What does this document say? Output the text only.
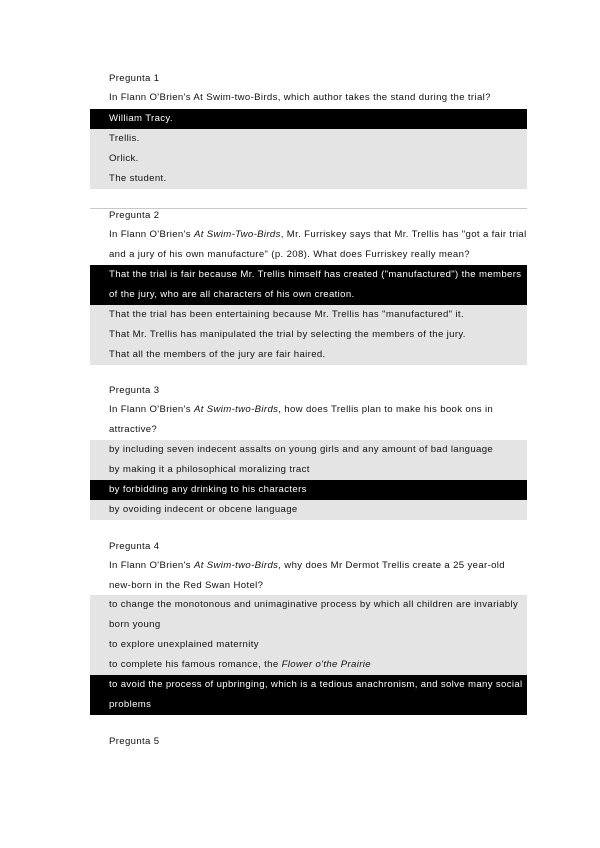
Pregunta 1
In Flann O'Brien's At Swim-two-Birds, which author takes the stand during the trial?
William Tracy.
Trellis.
Orlick.
The student.
Pregunta 2
In Flann O'Brien's At Swim-Two-Birds, Mr. Furriskey says that Mr. Trellis has "got a fair trial and a jury of his own manufacture" (p. 208). What does Furriskey really mean?
That the trial is fair because Mr. Trellis himself has created ("manufactured") the members of the jury, who are all characters of his own creation.
That the trial has been entertaining because Mr. Trellis has "manufactured" it.
That Mr. Trellis has manipulated the trial by selecting the members of the jury.
That all the members of the jury are fair haired.
Pregunta 3
In Flann O'Brien's At Swim-two-Birds, how does Trellis plan to make his book ons in attractive?
by including seven indecent assalts on young girls and any amount of bad language
by making it a philosophical moralizing tract
by forbidding any drinking to his characters
by ovoiding indecent or obcene language
Pregunta 4
In Flann O'Brien's At Swim-two-Birds, why does Mr Dermot Trellis create a 25 year-old new-born in the Red Swan Hotel?
to change the monotonous and unimaginative process by which all children are invariably born young
to explore unexplained maternity
to complete his famous romance, the Flower o'the Prairie
to avoid the process of upbringing, which is a tedious anachronism, and solve many social problems
Pregunta 5
